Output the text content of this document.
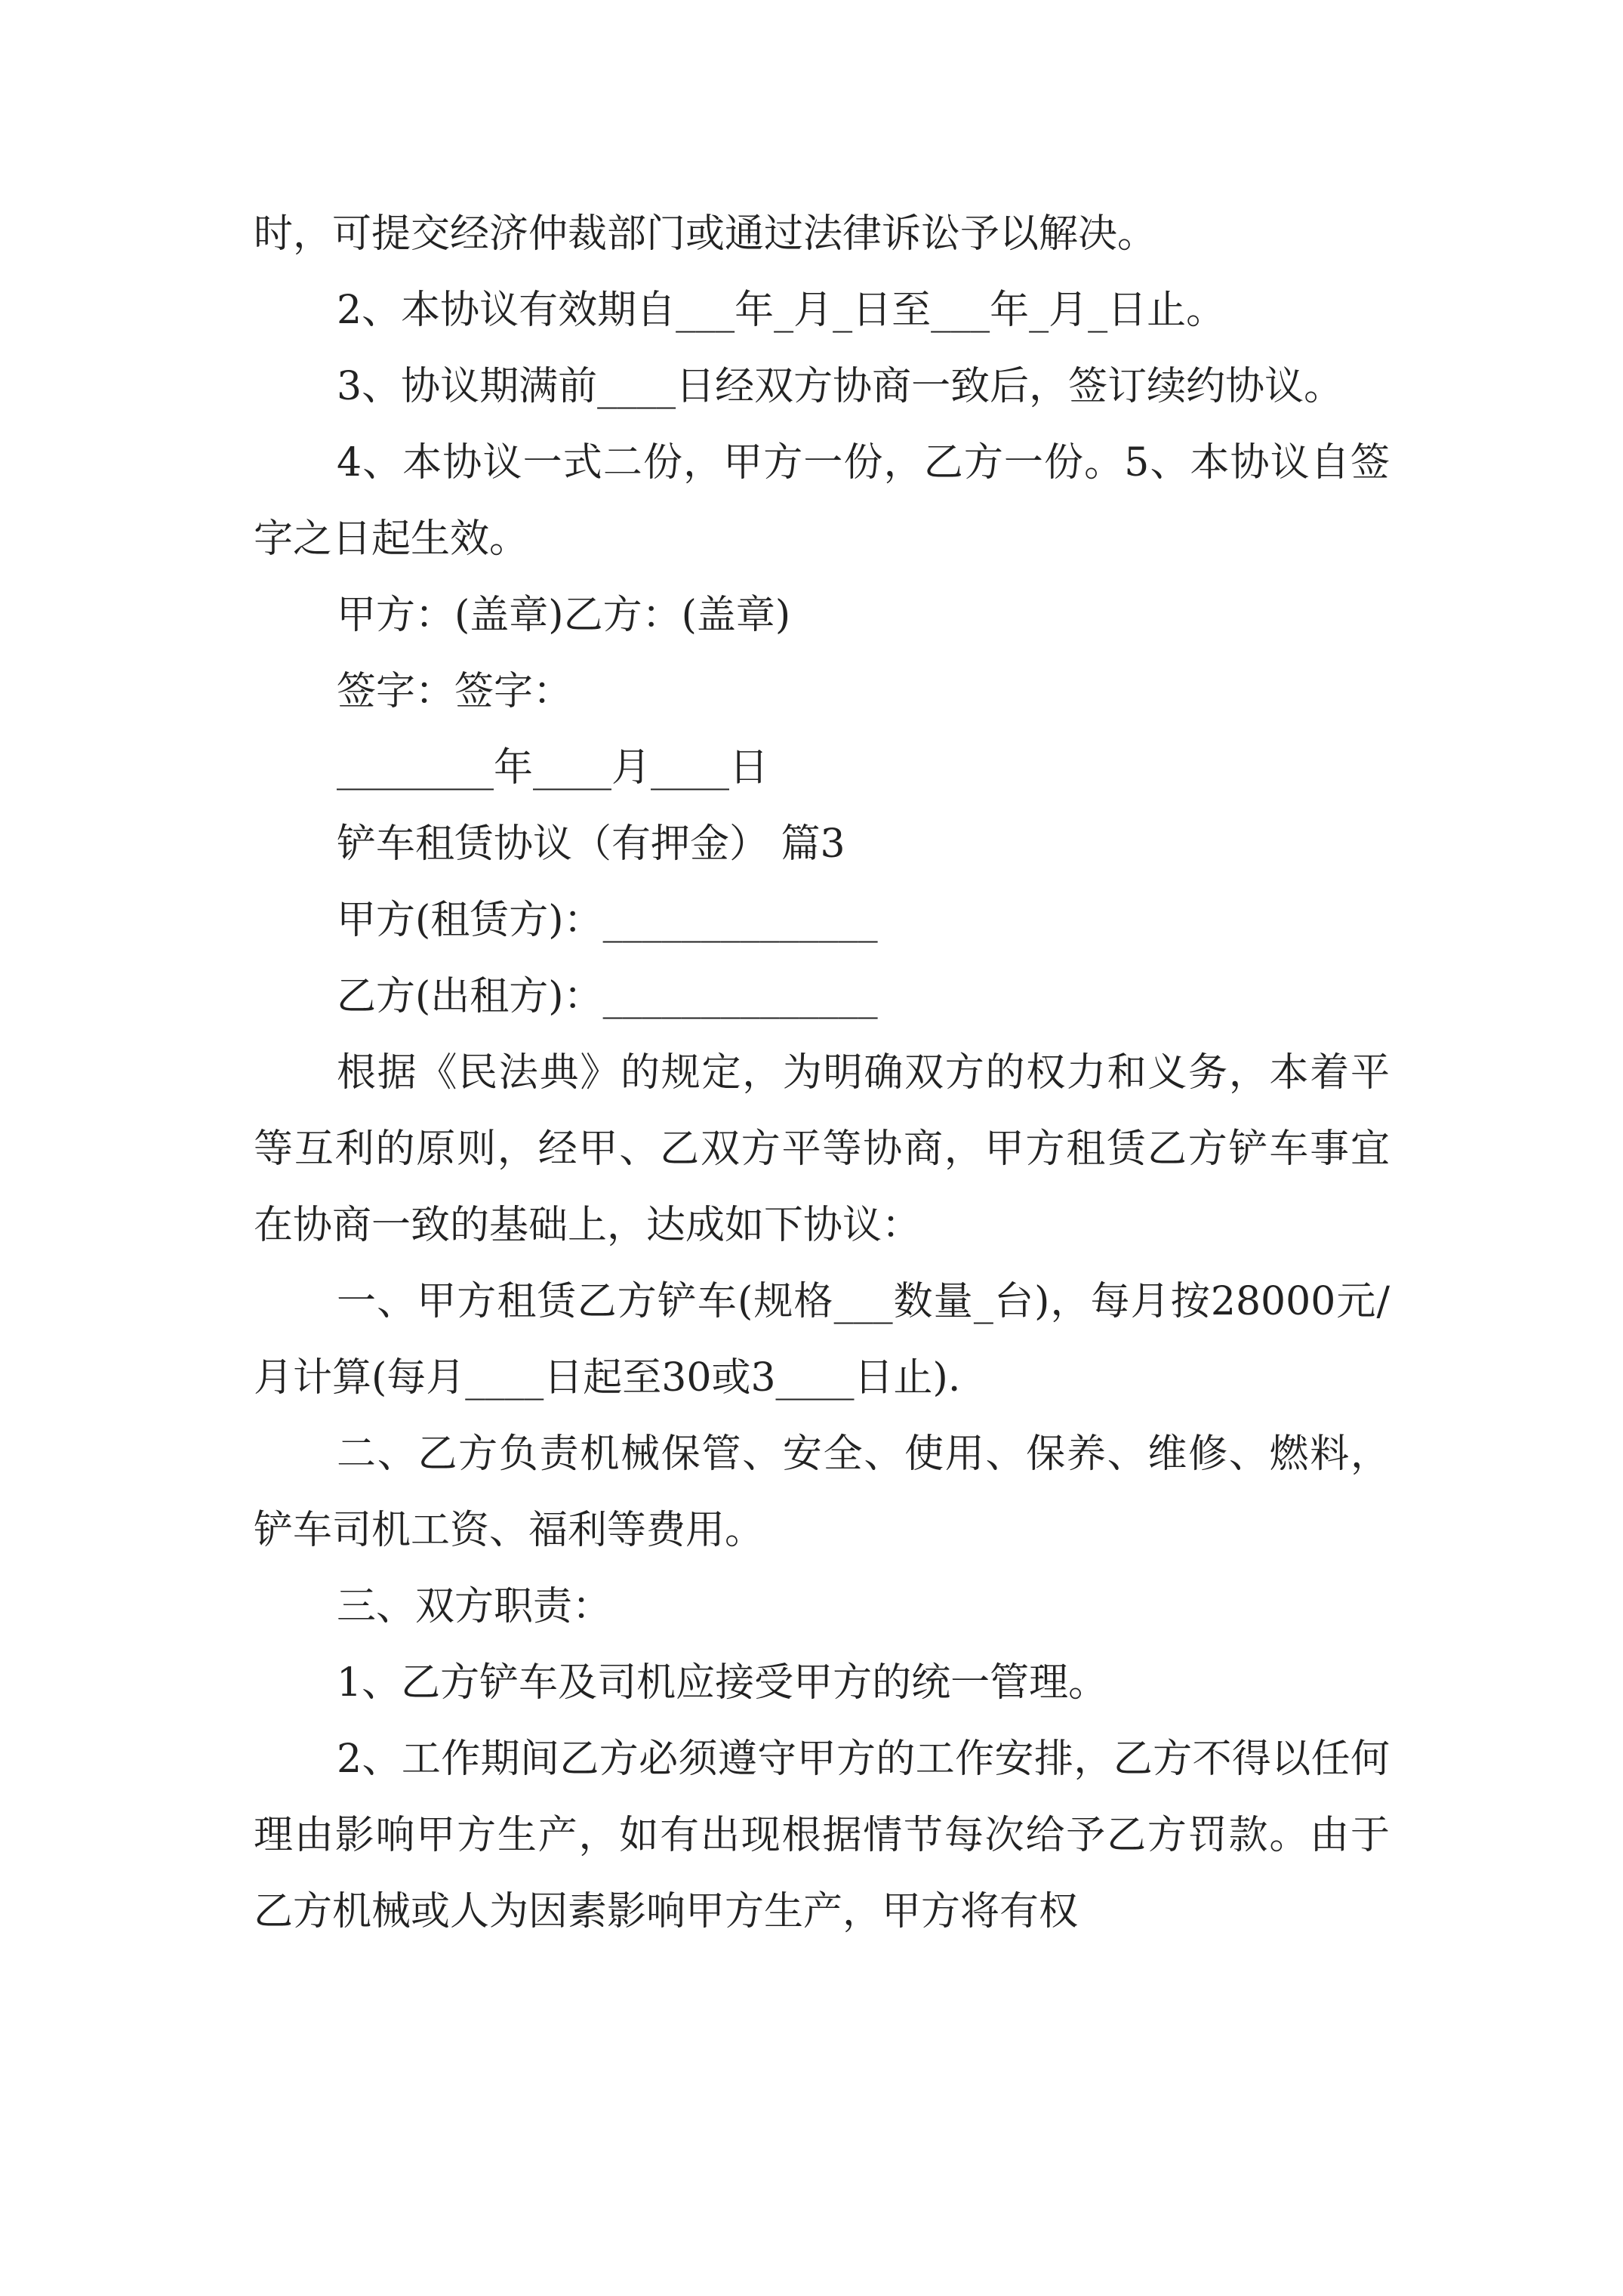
时，可提交经济仲裁部门或通过法律诉讼予以解决。

2、本协议有效期自___年_月_日至___年_月_日止。

3、协议期满前____日经双方协商一致后，签订续约协议。

4、本协议一式二份，甲方一份，乙方一份。5、本协议自签字之日起生效。

甲方：(盖章)乙方：(盖章)

签字：签字：

________年____月____日

铲车租赁协议（有押金） 篇3

甲方(租赁方)：______________

乙方(出租方)：______________

根据《民法典》的规定，为明确双方的权力和义务，本着平等互利的原则，经甲、乙双方平等协商，甲方租赁乙方铲车事宜在协商一致的基础上，达成如下协议：

一、甲方租赁乙方铲车(规格___数量_台)，每月按28000元/月计算(每月____日起至30或3____日止).

二、乙方负责机械保管、安全、使用、保养、维修、燃料，铲车司机工资、福利等费用。

三、双方职责：

1、乙方铲车及司机应接受甲方的统一管理。

2、工作期间乙方必须遵守甲方的工作安排，乙方不得以任何理由影响甲方生产，如有出现根据情节每次给予乙方罚款。由于乙方机械或人为因素影响甲方生产，甲方将有权
